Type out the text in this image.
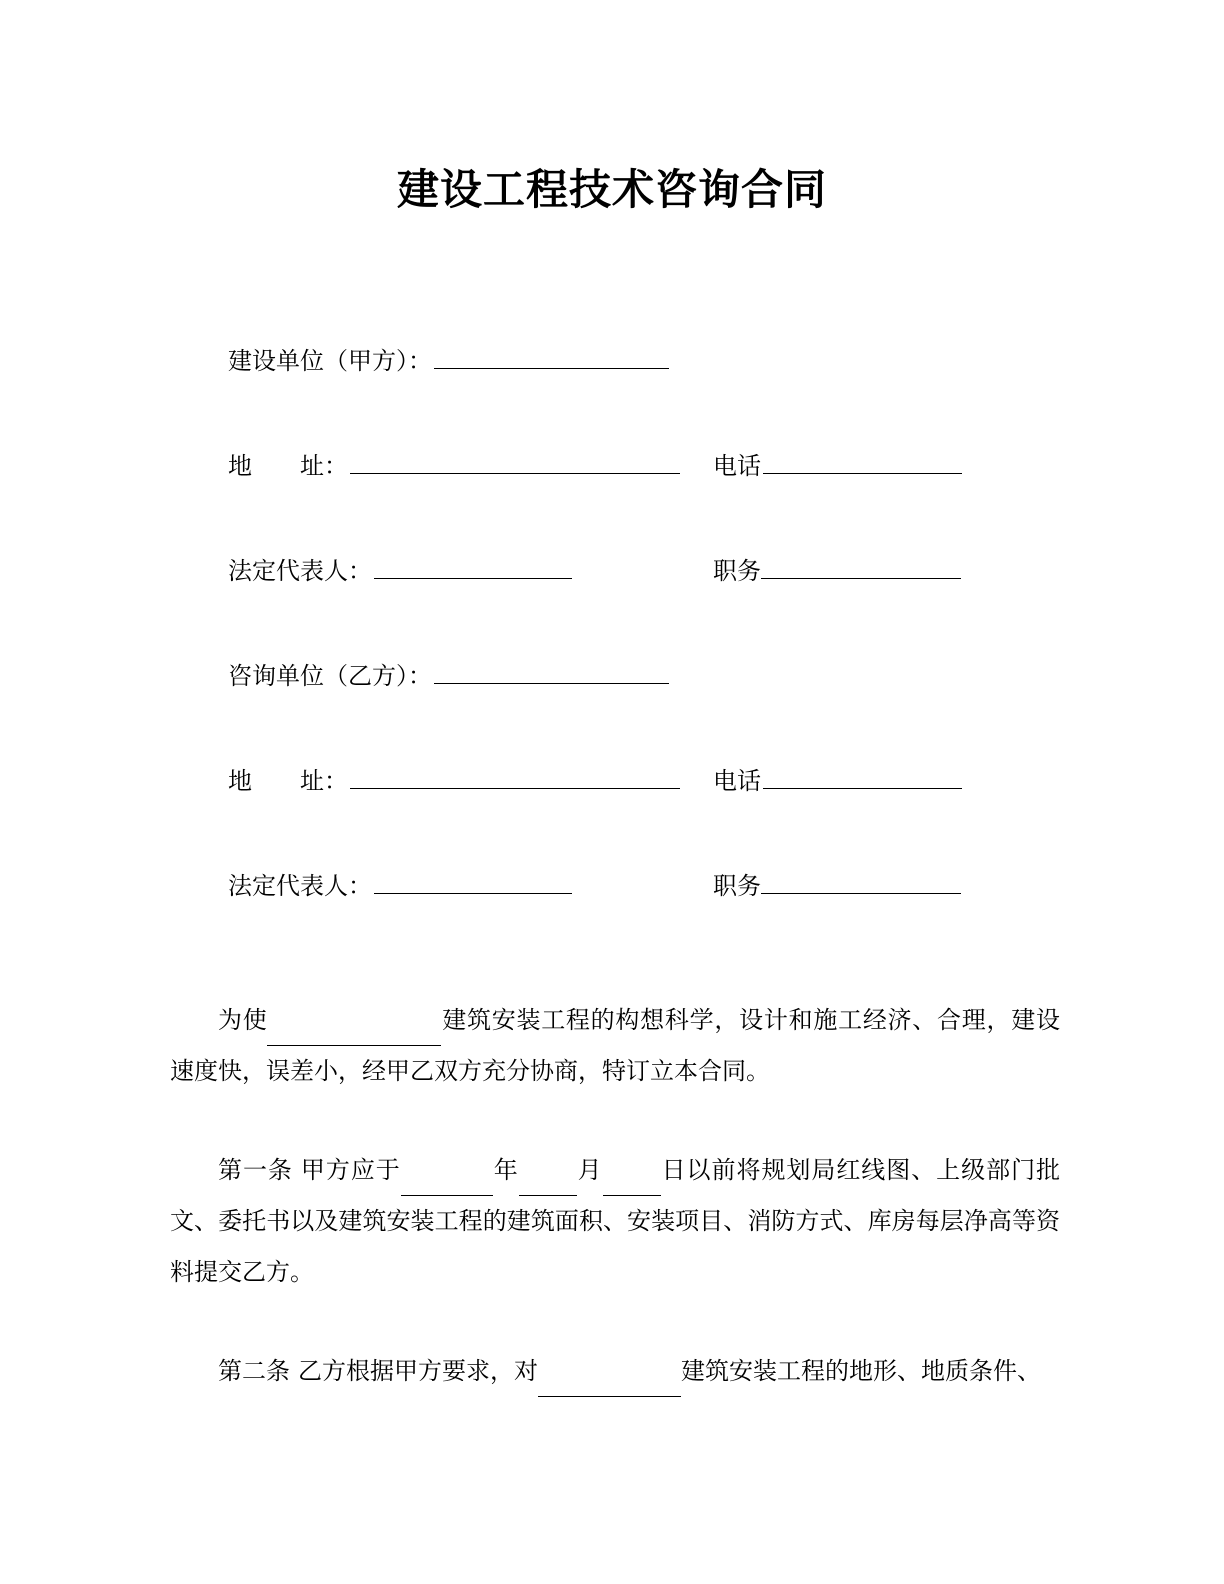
建设工程技术咨询合同
建设单位（甲方）：
地　　址：	电话
法定代表人：	职务
咨询单位（乙方）：
地　　址：	电话
法定代表人：	职务

为使	建筑安装工程的构想科学，设计和施工经济、合理，建设速度快，误差小，经甲乙双方充分协商，特订立本合同。

第一条 甲方应于	年 月 日以前将规划局红线图、上级部门批文、委托书以及建筑安装工程的建筑面积、安装项目、消防方式、库房每层净高等资料提交乙方。

第二条 乙方根据甲方要求，对	建筑安装工程的地形、地质条件、
